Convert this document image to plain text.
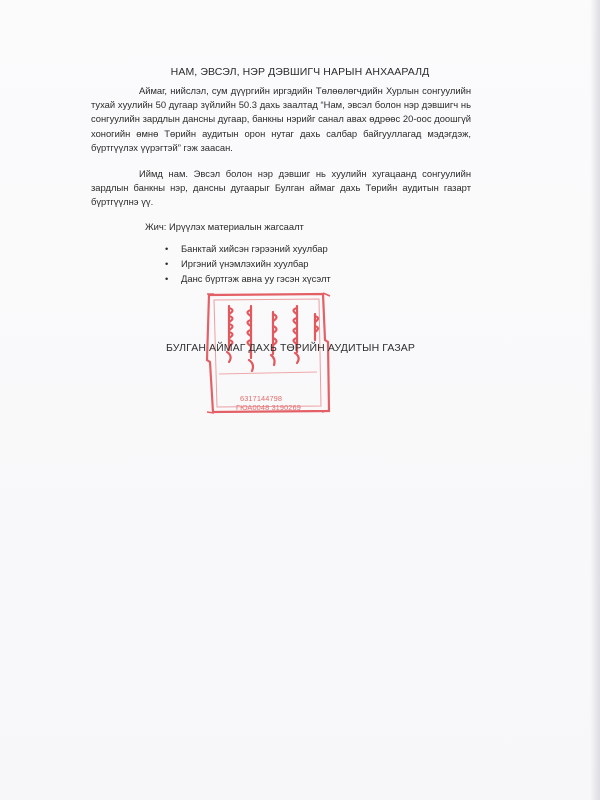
НАМ, ЭВСЭЛ, НЭР ДЭВШИГЧ НАРЫН АНХААРАЛД

Аймаг, нийслэл, сум дүүргийн иргэдийн Төлөөлөгчдийн Хурлын сонгуулийн тухай хуулийн 50 дугаар зүйлийн 50.3 дахь заалтад “Нам, эвсэл болон нэр дэвшигч нь сонгуулийн зардлын дансны дугаар, банкны нэрийг санал авах өдрөөс 20-оос доошгүй хоногийн өмнө Төрийн аудитын орон нутаг дахь салбар байгууллагад мэдэгдэж, бүртгүүлэх үүрэгтэй” гэж заасан.

Иймд нам. Эвсэл болон нэр дэвшиг нь хуулийн хугацаанд сонгуулийн зардлын банкны нэр, дансны дугаарыг Булган аймаг дахь Төрийн аудитын газарт бүртгүүлнэ үү.

Жич: Ирүүлэх материалын жагсаалт
• Банктай хийсэн гэрээний хуулбар
• Иргэний үнэмлэхийн хуулбар
• Данс бүртгэж авна уу гэсэн хүсэлт
6317144798
ГЮА0048 3190269
БУЛГАН АЙМАГ ДАХЬ ТӨРИЙН АУДИТЫН ГАЗАР
